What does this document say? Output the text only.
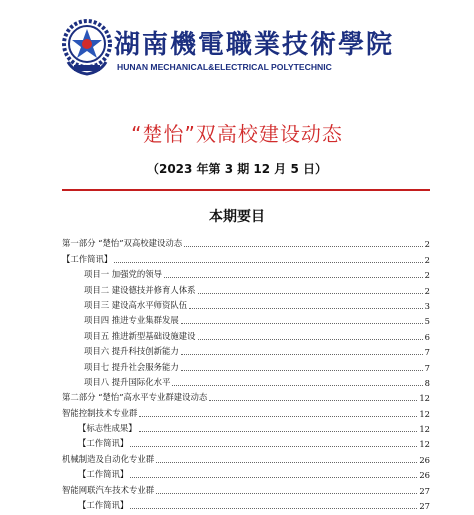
湖南機電職業技術學院
HUNAN MECHANICAL&ELECTRICAL POLYTECHNIC
“楚怡”双高校建设动态
（2023 年第 3 期 12 月 5 日）
本期要目
第一部分 “楚怡”双高校建设动态	2
【工作简讯】	2
项目一 加强党的领导	2
项目二 建设德技并修育人体系	2
项目三 建设高水平师资队伍	3
项目四 推进专业集群发展	5
项目五 推进新型基础设施建设	6
项目六 提升科技创新能力	7
项目七 提升社会服务能力	7
项目八 提升国际化水平	8
第二部分 “楚怡”高水平专业群建设动态	12
智能控制技术专业群	12
【标志性成果】	12
【工作简讯】	12
机械制造及自动化专业群	26
【工作简讯】	26
智能网联汽车技术专业群	27
【工作简讯】	27
